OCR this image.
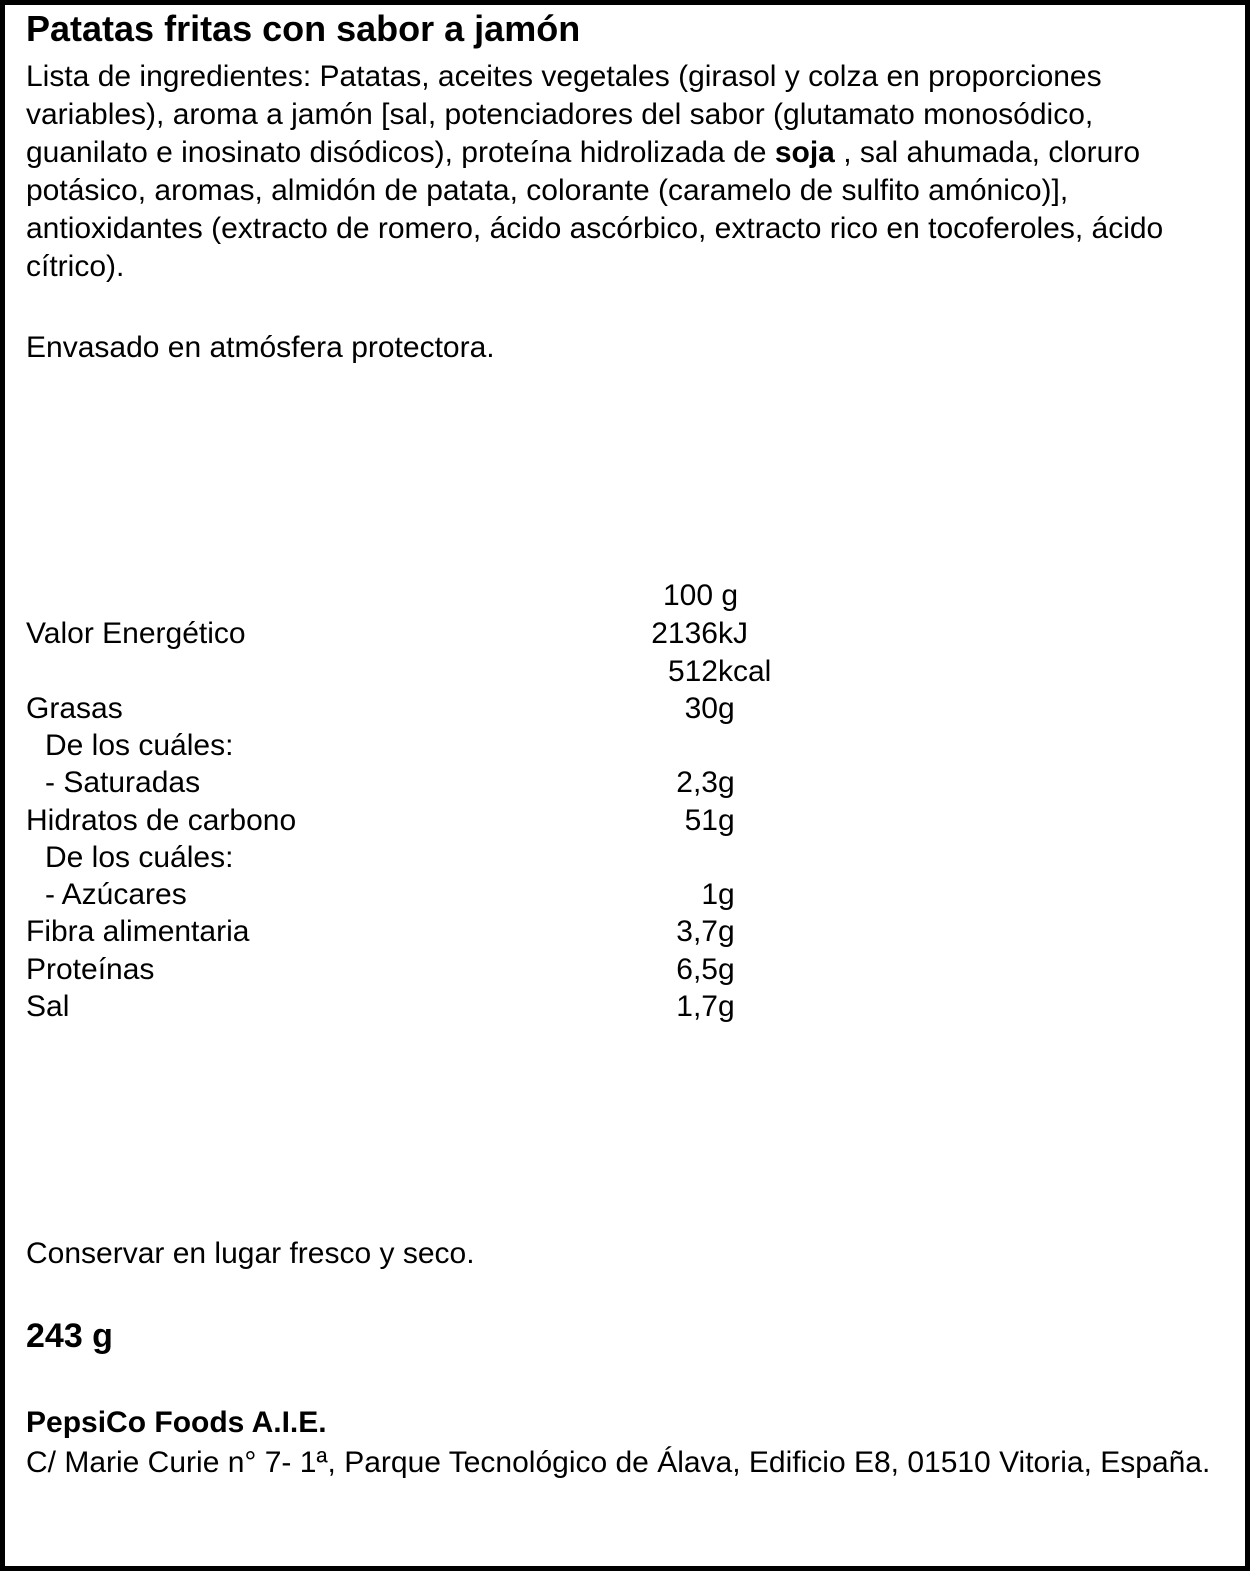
Patatas fritas con sabor a jamón
Lista de ingredientes: Patatas, aceites vegetales (girasol y colza en proporciones variables), aroma a jamón [sal, potenciadores del sabor (glutamato monosódico, guanilato e inosinato disódicos), proteína hidrolizada de soja , sal ahumada, cloruro potásico, aromas, almidón de patata, colorante (caramelo de sulfito amónico)], antioxidantes (extracto de romero, ácido ascórbico, extracto rico en tocoferoles, ácido cítrico).
Envasado en atmósfera protectora.
100 g
Valor Energético	2136 kJ
512 kcal
Grasas	30 g
De los cuáles:
- Saturadas	2,3 g
Hidratos de carbono	51 g
De los cuáles:
- Azúcares	1 g
Fibra alimentaria	3,7 g
Proteínas	6,5 g
Sal	1,7 g
Conservar en lugar fresco y seco.
243 g
PepsiCo Foods A.I.E.
C/ Marie Curie n° 7- 1ª, Parque Tecnológico de Álava, Edificio E8, 01510 Vitoria, España.
